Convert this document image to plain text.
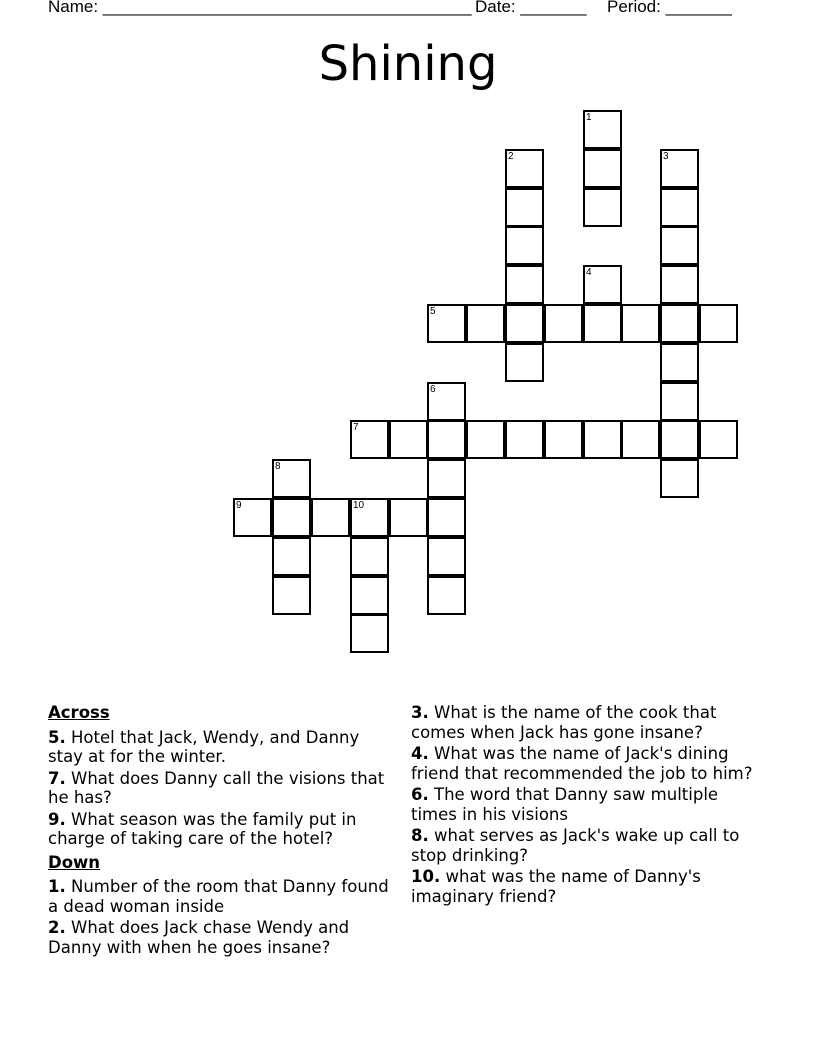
Name: _______________________________________ Date: _______ Period: _______
Shining
1
2	3
4
5
6
7
8
9	10
Across
5. Hotel that Jack, Wendy, and Danny stay at for the winter.
7. What does Danny call the visions that he has?
9. What season was the family put in charge of taking care of the hotel?
Down
1. Number of the room that Danny found a dead woman inside
2. What does Jack chase Wendy and Danny with when he goes insane?
3. What is the name of the cook that comes when Jack has gone insane?
4. What was the name of Jack's dining friend that recommended the job to him?
6. The word that Danny saw multiple times in his visions
8. what serves as Jack's wake up call to stop drinking?
10. what was the name of Danny's imaginary friend?
